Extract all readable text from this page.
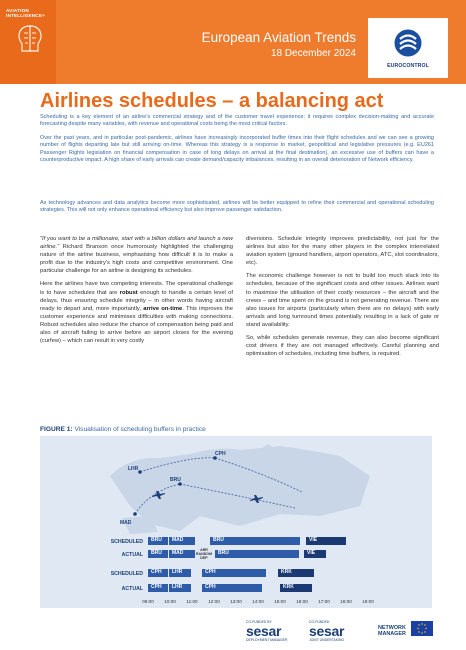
AVIATION
INTELLIGENCE+
European Aviation Trends
18 December 2024
EUROCONTROL
Airlines schedules – a balancing act

Scheduling is a key element of an airline's commercial strategy and of the customer travel experience; it requires complex decision-making and accurate forecasting despite many variables, with revenue and operational costs being the most critical factors.

Over the past years, and in particular post-pandemic, airlines have increasingly incorporated buffer times into their flight schedules and we can see a growing number of flights departing late but still arriving on-time. Whereas this strategy is a response to market, geopolitical and legislative pressures (e.g. EU261 Passenger Rights legislation on financial compensation in case of long delays on arrival at the final destination), an excessive use of buffers can have a counterproductive impact. A high share of early arrivals can create demand/capacity imbalances, resulting in an overall deterioration of Network efficiency.

As technology advances and data analytics become more sophisticated, airlines will be better equipped to refine their commercial and operational scheduling strategies. This will not only enhance operational efficiency but also improve passenger satisfaction.

"If you want to be a millionaire, start with a billion dollars and launch a new airline." Richard Branson once humorously highlighted the challenging nature of the airline business, emphasising how difficult it is to make a profit due to the industry's high costs and competitive environment. One particular challenge for an airline is designing its schedules.

Here the airlines have two competing interests. The operational challenge is to have schedules that are robust enough to handle a certain level of delays, thus ensuring schedule integrity – in other words having aircraft ready to depart and, more importantly, arrive on-time. This improves the customer experience and minimises difficulties with making connections. Robust schedules also reduce the chance of compensation being paid and also of aircraft failing to arrive before an airport closes for the evening (curfew) – which can result in very costly

diversions. Schedule integrity improves predictability, not just for the airlines but also for the many other players in the complex interrelated aviation system (ground handlers, airport operators, ATC, slot coordinators, etc).

The economic challenge however is not to build too much slack into its schedules, because of the significant costs and other issues. Airlines want to maximise the utilisation of their costly resources – the aircraft and the crews – and time spent on the ground is not generating revenue. There are also issues for airports (particularly when there are no delays) with early arrivals and long turnround times potentially resulting in a lack of gate or stand availability.

So, while schedules generate revenue, they can also become significant cost drivers if they are not managed effectively. Careful planning and optimisation of schedules, including time buffers, is required.

FIGURE 1: Visualisation of scheduling buffers in practice
LHR
BRU
CPH
MAD
SCHEDULED
ACTUAL
SCHEDULED
ACTUAL
BRU	MAD	BRU	VIE
BRU	MAD	BRU	VIE
ARR
RANDOM
DEP
CPH	LHR	CPH	KRK
CPH	LHR	CPH	KRK
09:00	10:00	11:00	12:00	13:00	14:00	15:00	16:00	17:00	18:00	19:00
CO-FUNDED BY
sesar
DEPLOYMENT MANAGER
CO-FUNDED
sesar
JOINT UNDERTAKING
NETWORK
MANAGER
